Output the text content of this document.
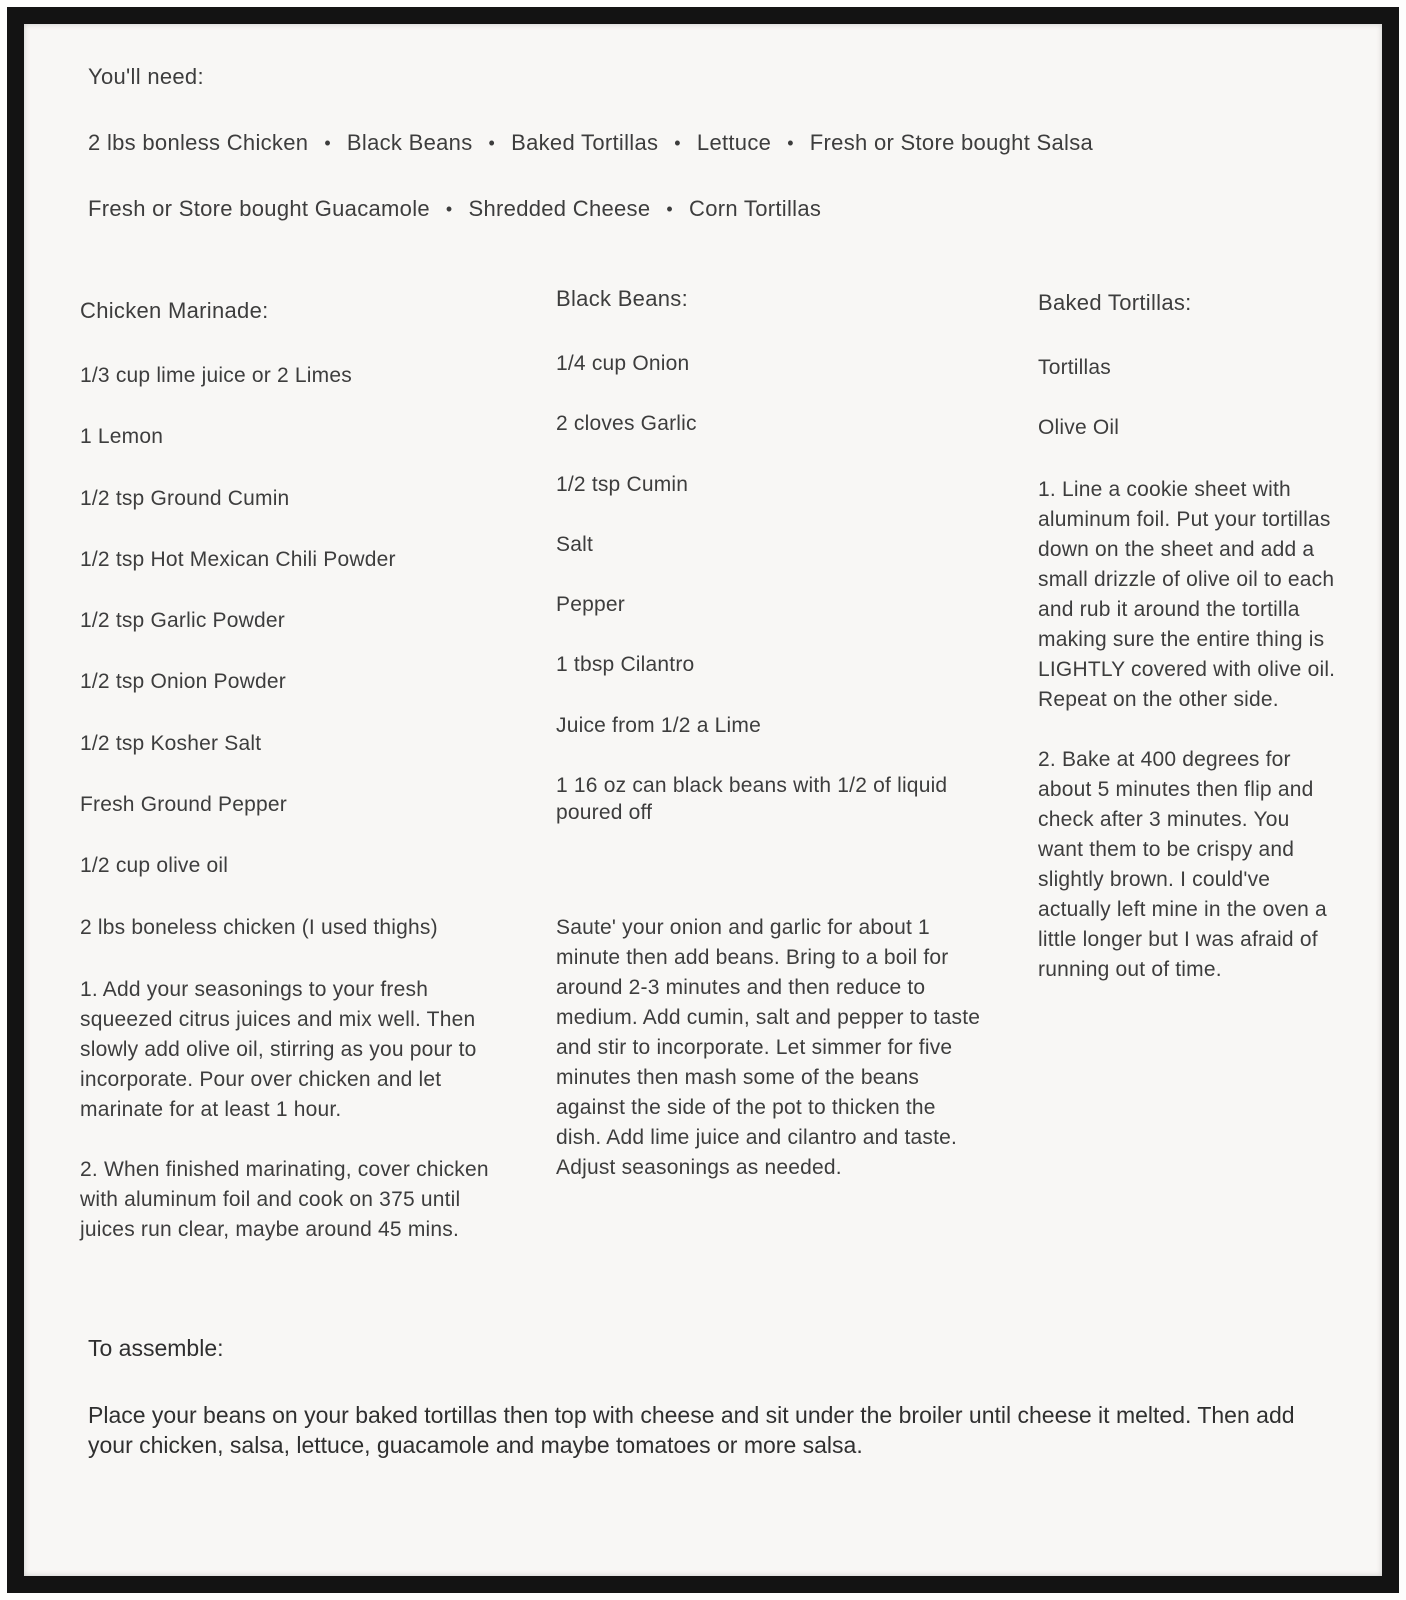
You'll need:

2 lbs bonless Chicken • Black Beans • Baked Tortillas • Lettuce • Fresh or Store bought Salsa

Fresh or Store bought Guacamole • Shredded Cheese • Corn Tortillas

Chicken Marinade:

1/3 cup lime juice or 2 Limes

1 Lemon

1/2 tsp Ground Cumin

1/2 tsp Hot Mexican Chili Powder

1/2 tsp Garlic Powder

1/2 tsp Onion Powder

1/2 tsp Kosher Salt

Fresh Ground Pepper

1/2 cup olive oil

2 lbs boneless chicken (I used thighs)

1. Add your seasonings to your fresh squeezed citrus juices and mix well. Then slowly add olive oil, stirring as you pour to incorporate. Pour over chicken and let marinate for at least 1 hour.

2. When finished marinating, cover chicken with aluminum foil and cook on 375 until juices run clear, maybe around 45 mins.

Black Beans:

1/4 cup Onion

2 cloves Garlic

1/2 tsp Cumin

Salt

Pepper

1 tbsp Cilantro

Juice from 1/2 a Lime

1 16 oz can black beans with 1/2 of liquid poured off

Saute' your onion and garlic for about 1 minute then add beans. Bring to a boil for around 2-3 minutes and then reduce to medium. Add cumin, salt and pepper to taste and stir to incorporate. Let simmer for five minutes then mash some of the beans against the side of the pot to thicken the dish. Add lime juice and cilantro and taste. Adjust seasonings as needed.

Baked Tortillas:

Tortillas

Olive Oil

1. Line a cookie sheet with aluminum foil. Put your tortillas down on the sheet and add a small drizzle of olive oil to each and rub it around the tortilla making sure the entire thing is LIGHTLY covered with olive oil. Repeat on the other side.

2. Bake at 400 degrees for about 5 minutes then flip and check after 3 minutes. You want them to be crispy and slightly brown. I could've actually left mine in the oven a little longer but I was afraid of running out of time.

To assemble:

Place your beans on your baked tortillas then top with cheese and sit under the broiler until cheese it melted. Then add your chicken, salsa, lettuce, guacamole and maybe tomatoes or more salsa.
